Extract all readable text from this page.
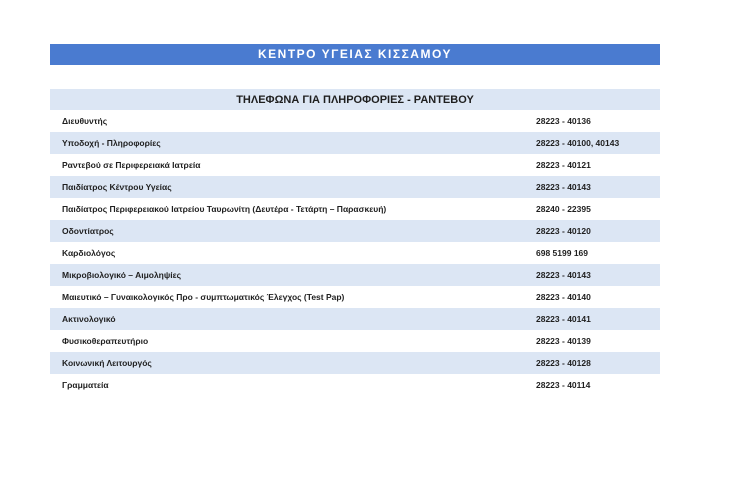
ΚΕΝΤΡΟ ΥΓΕΙΑΣ ΚΙΣΣΑΜΟΥ
ΤΗΛΕΦΩΝΑ ΓΙΑ ΠΛΗΡΟΦΟΡΙΕΣ - ΡΑΝΤΕΒΟΥ	
Διευθυντής	28223 - 40136
Υποδοχή - Πληροφορίες	28223 - 40100, 40143
Ραντεβού σε Περιφερειακά Ιατρεία	28223 - 40121
Παιδίατρος Κέντρου Υγείας	28223 - 40143
Παιδίατρος Περιφερειακού Ιατρείου Ταυρωνίτη (Δευτέρα - Τετάρτη – Παρασκευή)	28240 - 22395
Οδοντίατρος	28223 - 40120
Καρδιολόγος	698 5199 169
Μικροβιολογικό – Αιμοληψίες	28223 - 40143
Μαιευτικό – Γυναικολογικός Προ - συμπτωματικός Έλεγχος (Test Pap)	28223 - 40140
Ακτινολογικό	28223 - 40141
Φυσικοθεραπευτήριο	28223 - 40139
Κοινωνική Λειτουργός	28223 - 40128
Γραμματεία	28223 - 40114
